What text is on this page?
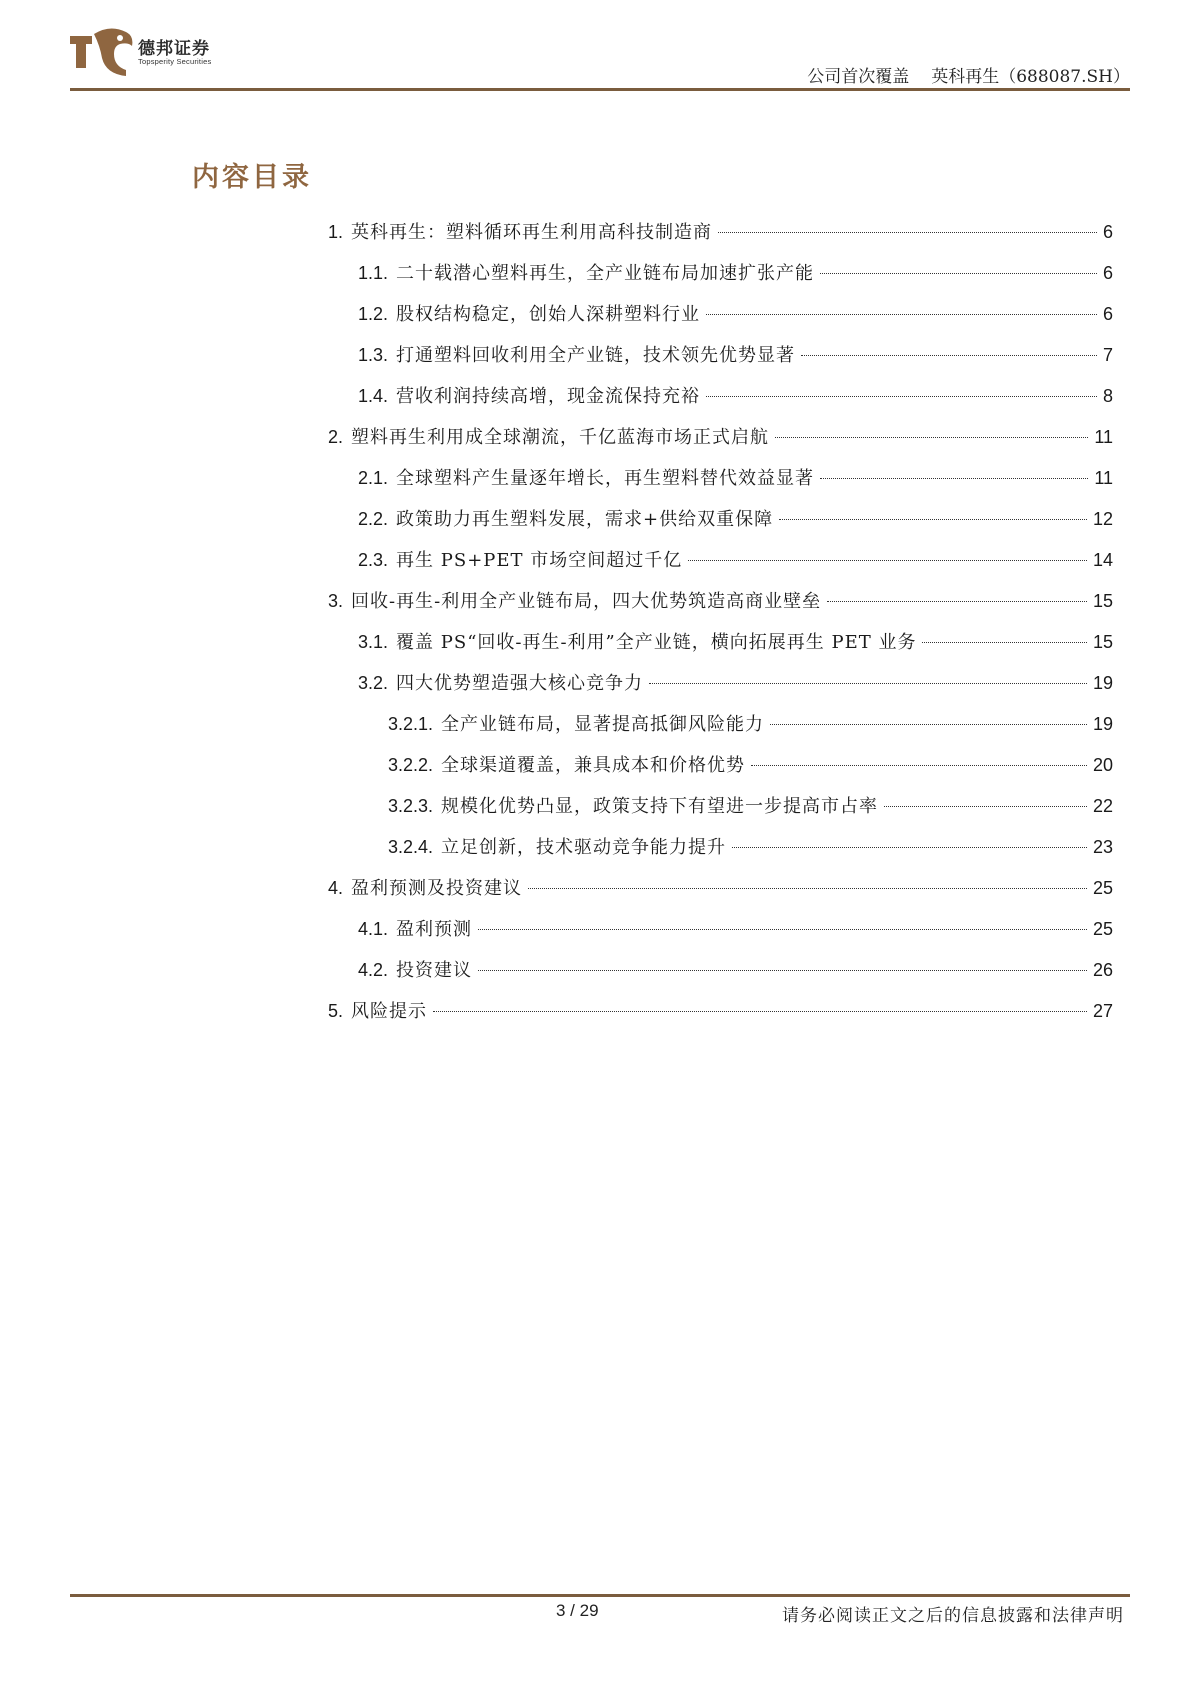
德邦证券
Topsperity Securities
公司首次覆盖 英科再生（688087.SH）
内容目录
1. 英科再生：塑料循环再生利用高科技制造商	6
1.1. 二十载潜心塑料再生，全产业链布局加速扩张产能	6
1.2. 股权结构稳定，创始人深耕塑料行业	6
1.3. 打通塑料回收利用全产业链，技术领先优势显著	7
1.4. 营收利润持续高增，现金流保持充裕	8
2. 塑料再生利用成全球潮流，千亿蓝海市场正式启航	11
2.1. 全球塑料产生量逐年增长，再生塑料替代效益显著	11
2.2. 政策助力再生塑料发展，需求+供给双重保障	12
2.3. 再生 PS+PET 市场空间超过千亿	14
3. 回收-再生-利用全产业链布局，四大优势筑造高商业壁垒	15
3.1. 覆盖 PS“回收-再生-利用”全产业链，横向拓展再生 PET 业务	15
3.2. 四大优势塑造强大核心竞争力	19
3.2.1. 全产业链布局，显著提高抵御风险能力	19
3.2.2. 全球渠道覆盖，兼具成本和价格优势	20
3.2.3. 规模化优势凸显，政策支持下有望进一步提高市占率	22
3.2.4. 立足创新，技术驱动竞争能力提升	23
4. 盈利预测及投资建议	25
4.1. 盈利预测	25
4.2. 投资建议	26
5. 风险提示	27
3 / 29	请务必阅读正文之后的信息披露和法律声明
